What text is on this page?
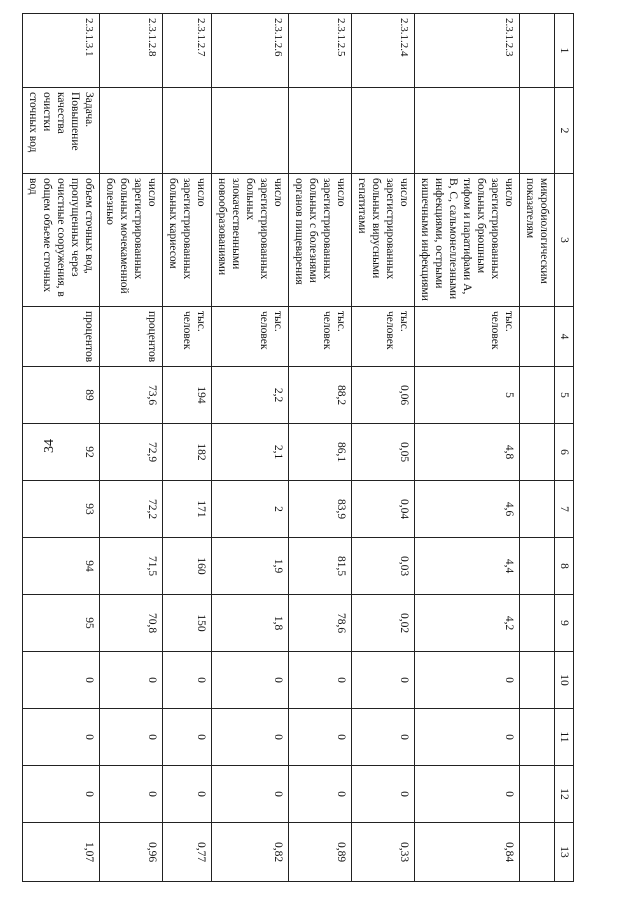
34
1	2	3	4	5	6	7	8	9	10	11	12	13
		микробиологическим показателям										
2.3.1.2.3		число зарегистрированных больных брюшным тифом и паратифами А, В, С, сальмонеллезными инфекциями, острыми кишечными инфекциями	тыс. человек	5	4,8	4,6	4,4	4,2	0	0	0	0,84
2.3.1.2.4		число зарегистрированных больных вирусными гепатитами	тыс. человек	0,06	0,05	0,04	0,03	0,02	0	0	0	0,33
2.3.1.2.5		число зарегистрированных больных с болезнями органов пищеварения	тыс. человек	88,2	86,1	83,9	81,5	78,6	0	0	0	0,89
2.3.1.2.6		число зарегистрированных больных злокачественными новообразованиями	тыс. человек	2,2	2,1	2	1,9	1,8	0	0	0	0,82
2.3.1.2.7		число зарегистрированных больных кариесом	тыс. человек	194	182	171	160	150	0	0	0	0,77
2.3.1.2.8		число зарегистрированных больных мочекаменной болезнью	процентов	73,6	72,9	72,2	71,5	70,8	0	0	0	0,96
2.3.1.3.1	Задача. Повышение качества очистки сточных вод	объем сточных вод, пропущенных через очистные сооружения, в общем объеме сточных вод	процентов	89	92	93	94	95	0	0	0	1,07
